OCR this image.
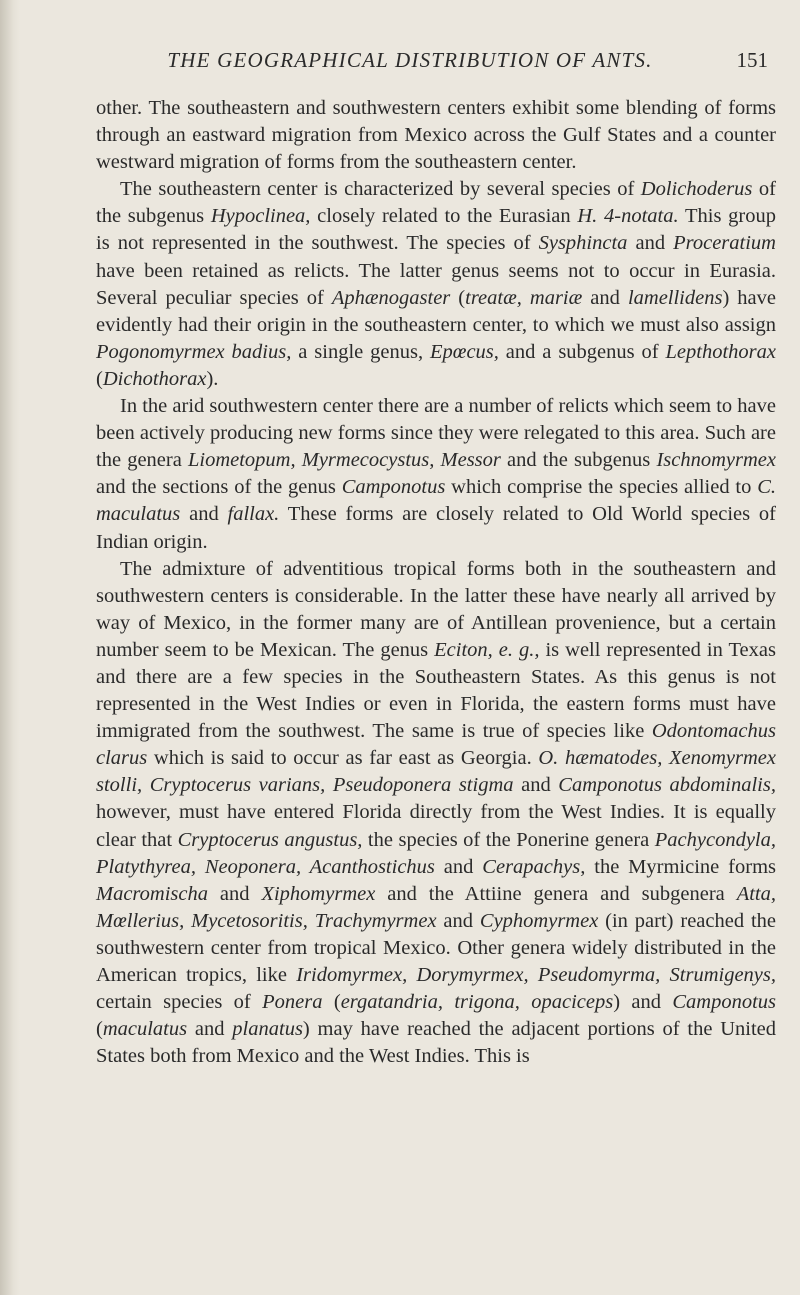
THE GEOGRAPHICAL DISTRIBUTION OF ANTS.	151

other. The southeastern and southwestern centers exhibit some blending of forms through an eastward migration from Mexico across the Gulf States and a counter westward migration of forms from the southeastern center.

The southeastern center is characterized by several species of Dolichoderus of the subgenus Hypoclinea, closely related to the Eurasian H. 4-notata. This group is not represented in the southwest. The species of Sysphincta and Proceratium have been retained as relicts. The latter genus seems not to occur in Eurasia. Several peculiar species of Aphænogaster (treatæ, mariæ and lamellidens) have evidently had their origin in the southeastern center, to which we must also assign Pogonomyrmex badius, a single genus, Epœcus, and a subgenus of Lepthothorax (Dichothorax).

In the arid southwestern center there are a number of relicts which seem to have been actively producing new forms since they were relegated to this area. Such are the genera Liometopum, Myrmecocystus, Messor and the subgenus Ischnomyrmex and the sections of the genus Camponotus which comprise the species allied to C. maculatus and fallax. These forms are closely related to Old World species of Indian origin.

The admixture of adventitious tropical forms both in the southeastern and southwestern centers is considerable. In the latter these have nearly all arrived by way of Mexico, in the former many are of Antillean provenience, but a certain number seem to be Mexican. The genus Eciton, e. g., is well represented in Texas and there are a few species in the Southeastern States. As this genus is not represented in the West Indies or even in Florida, the eastern forms must have immigrated from the southwest. The same is true of species like Odontomachus clarus which is said to occur as far east as Georgia. O. hæmatodes, Xenomyrmex stolli, Cryptocerus varians, Pseudoponera stigma and Camponotus abdominalis, however, must have entered Florida directly from the West Indies. It is equally clear that Cryptocerus angustus, the species of the Ponerine genera Pachycondyla, Platythyrea, Neoponera, Acanthostichus and Cerapachys, the Myrmicine forms Macromischa and Xiphomyrmex and the Attiine genera and subgenera Atta, Mœllerius, Mycetosoritis, Trachymyrmex and Cyphomyrmex (in part) reached the southwestern center from tropical Mexico. Other genera widely distributed in the American tropics, like Iridomyrmex, Dorymyrmex, Pseudomyrma, Strumigenys, certain species of Ponera (ergatandria, trigona, opaciceps) and Camponotus (maculatus and planatus) may have reached the adjacent portions of the United States both from Mexico and the West Indies. This is
